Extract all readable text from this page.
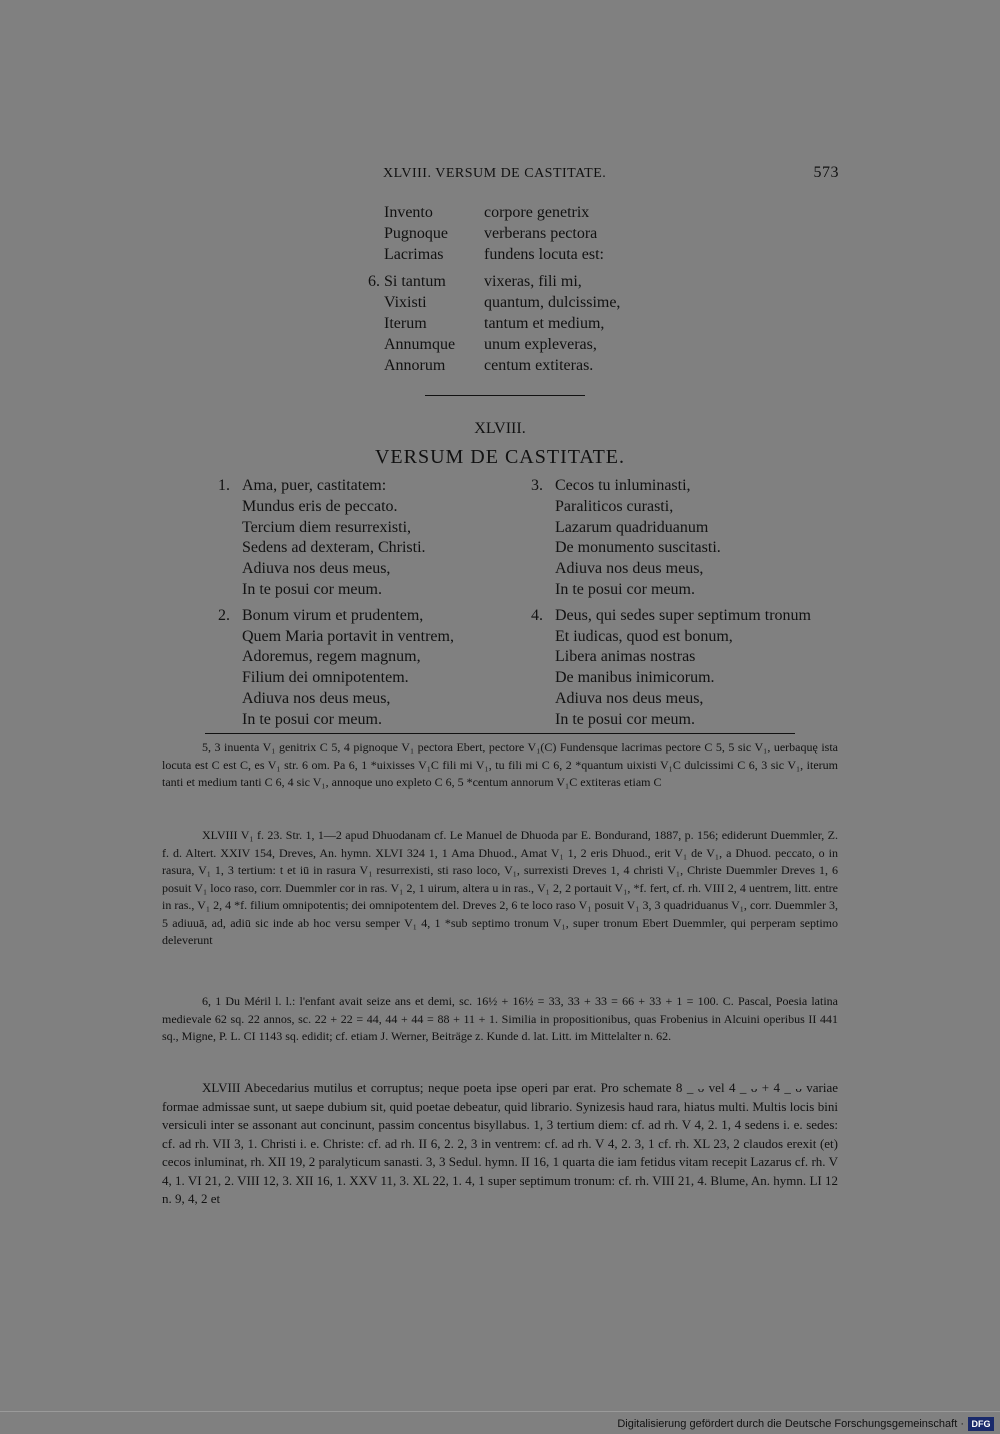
XLVIII. VERSUM DE CASTITATE.	573
Invento	corpore genetrix
Pugnoque	verberans pectora
Lacrimas	fundens locuta est:
6. Si tantum	vixeras, fili mi,
Vixisti	quantum, dulcissime,
Iterum	tantum et medium,
Annumque	unum expleveras,
Annorum	centum extiteras.
XLVIII.
VERSUM DE CASTITATE.
1. Ama, puer, castitatem:
Mundus eris de peccato.
Tercium diem resurrexisti,
Sedens ad dexteram, Christi.
Adiuva nos deus meus,
In te posui cor meum.
2. Bonum virum et prudentem,
Quem Maria portavit in ventrem,
Adoremus, regem magnum,
Filium dei omnipotentem.
Adiuva nos deus meus,
In te posui cor meum.
3. Cecos tu inluminasti,
Paraliticos curasti,
Lazarum quadriduanum
De monumento suscitasti.
Adiuva nos deus meus,
In te posui cor meum.
4. Deus, qui sedes super septimum tronum
Et iudicas, quod est bonum,
Libera animas nostras
De manibus inimicorum.
Adiuva nos deus meus,
In te posui cor meum.

5, 3 inuenta V₁ genitrix C 5, 4 pignoque V₁ pectora Ebert, pectore V₁(C) Fundensque lacrimas pectore C 5, 5 sic V₁, uerbaquę ista locuta est C est C, es V₁ str. 6 om. Pa 6, 1 *uixisses V₁C fili mi V₁, tu fili mi C 6, 2 *quantum uixisti V₁C dulcissimi C 6, 3 sic V₁, iterum tanti et medium tanti C 6, 4 sic V₁, annoque uno expleto C 6, 5 *centum annorum V₁C extiteras etiam C

XLVIII V₁ f. 23. Str. 1, 1—2 apud Dhuodanam cf. Le Manuel de Dhuoda par E. Bondurand, 1887, p. 156; ediderunt Duemmler, Z. f. d. Altert. XXIV 154, Dreves, An. hymn. XLVI 324 1, 1 Ama Dhuod., Amat V₁ 1, 2 eris Dhuod., erit V₁ de V₁, a Dhuod. peccato, o in rasura, V₁ 1, 3 tertium: t et iū in rasura V₁ resurrexisti, sti raso loco, V₁, surrexisti Dreves 1, 4 christi V₁, Christe Duemmler Dreves 1, 6 posuit V₁ loco raso, corr. Duemmler cor in ras. V₁ 2, 1 uirum, altera u in ras., V₁ 2, 2 portauit V₁, *f. fert, cf. rh. VIII 2, 4 uentrem, litt. entre in ras., V₁ 2, 4 *f. filium omnipotentis; dei omnipotentem del. Dreves 2, 6 te loco raso V₁ posuit V₁ 3, 3 quadriduanus V₁, corr. Duemmler 3, 5 adiuuā, ad, adiū sic inde ab hoc versu semper V₁ 4, 1 *sub septimo tronum V₁, super tronum Ebert Duemmler, qui perperam septimo deleverunt

6, 1 Du Méril l. l.: l'enfant avait seize ans et demi, sc. 16½ + 16½ = 33, 33 + 33 = 66 + 33 + 1 = 100. C. Pascal, Poesia latina medievale 62 sq. 22 annos, sc. 22 + 22 = 44, 44 + 44 = 88 + 11 + 1. Similia in propositionibus, quas Frobenius in Alcuini operibus II 441 sq., Migne, P. L. CI 1143 sq. edidit; cf. etiam J. Werner, Beiträge z. Kunde d. lat. Litt. im Mittelalter n. 62.

XLVIII Abecedarius mutilus et corruptus; neque poeta ipse operi par erat. Pro schemate 8 _ ᴗ vel 4 _ ᴗ + 4 _ ᴗ variae formae admissae sunt, ut saepe dubium sit, quid poetae debeatur, quid librario. Synizesis haud rara, hiatus multi. Multis locis bini versiculi inter se assonant aut concinunt, passim concentus bisyllabus. 1, 3 tertium diem: cf. ad rh. V 4, 2. 1, 4 sedens i. e. sedes: cf. ad rh. VII 3, 1. Christi i. e. Christe: cf. ad rh. II 6, 2. 2, 3 in ventrem: cf. ad rh. V 4, 2. 3, 1 cf. rh. XL 23, 2 claudos erexit (et) cecos inluminat, rh. XII 19, 2 paralyticum sanasti. 3, 3 Sedul. hymn. II 16, 1 quarta die iam fetidus vitam recepit Lazarus cf. rh. V 4, 1. VI 21, 2. VIII 12, 3. XII 16, 1. XXV 11, 3. XL 22, 1. 4, 1 super septimum tronum: cf. rh. VIII 21, 4. Blume, An. hymn. LI 12 n. 9, 4, 2 et

Digitalisierung gefördert durch die Deutsche Forschungsgemeinschaft · DFG
